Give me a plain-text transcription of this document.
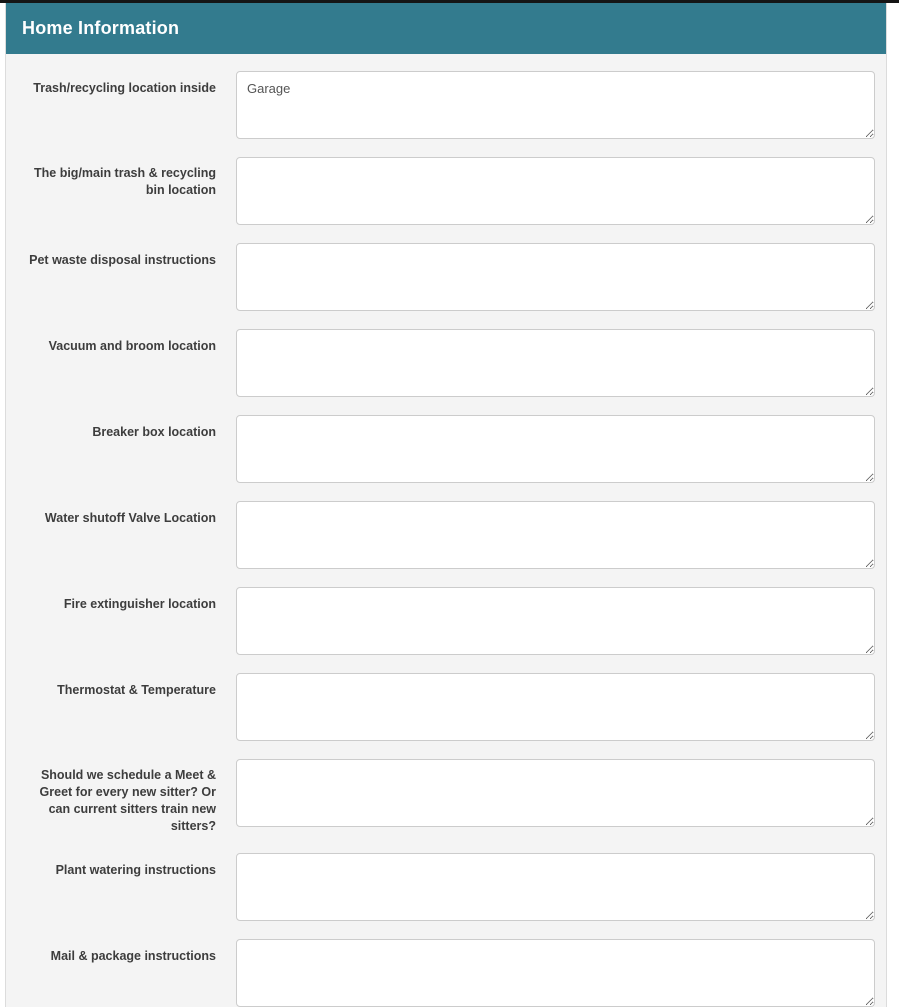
Home Information
Trash/recycling location inside
Garage
The big/main trash & recycling bin location
Pet waste disposal instructions
Vacuum and broom location
Breaker box location
Water shutoff Valve Location
Fire extinguisher location
Thermostat & Temperature
Should we schedule a Meet & Greet for every new sitter? Or can current sitters train new sitters?
Plant watering instructions
Mail & package instructions
